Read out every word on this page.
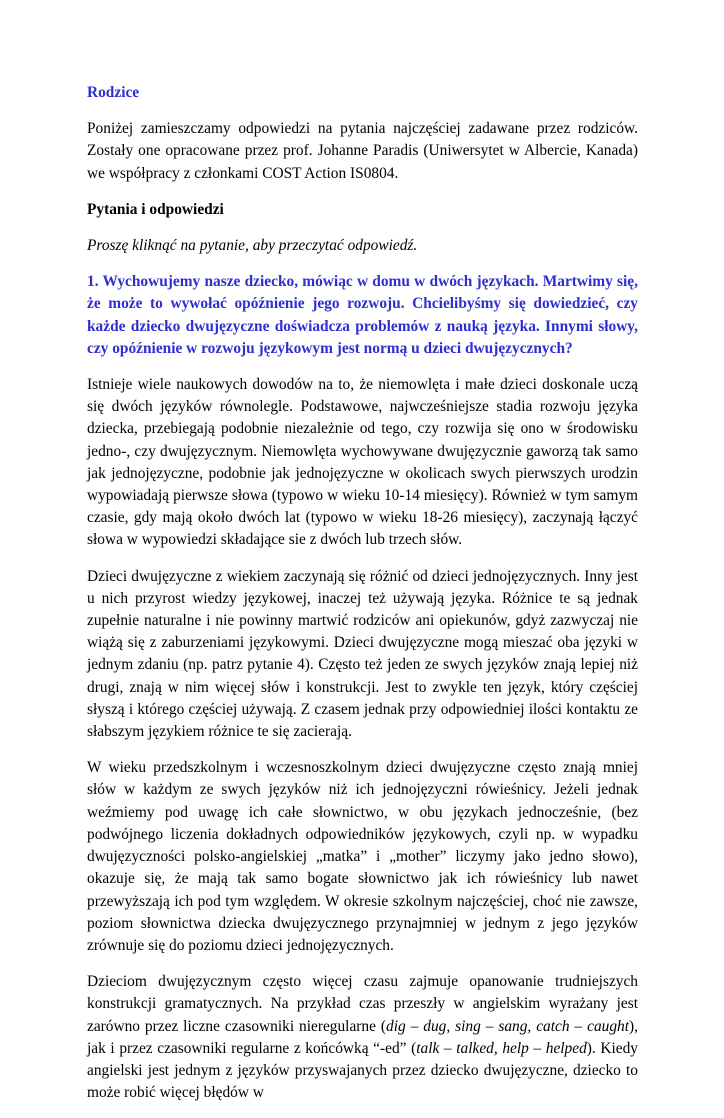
Rodzice

Poniżej zamieszczamy odpowiedzi na pytania najczęściej zadawane przez rodziców. Zostały one opracowane przez prof. Johanne Paradis (Uniwersytet w Albercie, Kanada) we współpracy z członkami COST Action IS0804.

Pytania i odpowiedzi

Proszę kliknąć na pytanie, aby przeczytać odpowiedź.

1. Wychowujemy nasze dziecko, mówiąc w domu w dwóch językach. Martwimy się, że może to wywołać opóźnienie jego rozwoju. Chcielibyśmy się dowiedzieć, czy każde dziecko dwujęzyczne doświadcza problemów z nauką języka. Innymi słowy, czy opóźnienie w rozwoju językowym jest normą u dzieci dwujęzycznych?

Istnieje wiele naukowych dowodów na to, że niemowlęta i małe dzieci doskonale uczą się dwóch języków równolegle. Podstawowe, najwcześniejsze stadia rozwoju języka dziecka, przebiegają podobnie niezależnie od tego, czy rozwija się ono w środowisku jedno-, czy dwujęzycznym. Niemowlęta wychowywane dwujęzycznie gaworzą tak samo jak jednojęzyczne, podobnie jak jednojęzyczne w okolicach swych pierwszych urodzin wypowiadają pierwsze słowa (typowo w wieku 10-14 miesięcy). Również w tym samym czasie, gdy mają około dwóch lat (typowo w wieku 18-26 miesięcy), zaczynają łączyć słowa w wypowiedzi składające sie z dwóch lub trzech słów.

Dzieci dwujęzyczne z wiekiem zaczynają się różnić od dzieci jednojęzycznych. Inny jest u nich przyrost wiedzy językowej, inaczej też używają języka. Różnice te są jednak zupełnie naturalne i nie powinny martwić rodziców ani opiekunów, gdyż zazwyczaj nie wiążą się z zaburzeniami językowymi. Dzieci dwujęzyczne mogą mieszać oba języki w jednym zdaniu (np. patrz pytanie 4). Często też jeden ze swych języków znają lepiej niż drugi, znają w nim więcej słów i konstrukcji. Jest to zwykle ten język, który częściej słyszą i którego częściej używają. Z czasem jednak przy odpowiedniej ilości kontaktu ze słabszym językiem różnice te się zacierają.

W wieku przedszkolnym i wczesnoszkolnym dzieci dwujęzyczne często znają mniej słów w każdym ze swych języków niż ich jednojęzyczni rówieśnicy. Jeżeli jednak weźmiemy pod uwagę ich całe słownictwo, w obu językach jednocześnie, (bez podwójnego liczenia dokładnych odpowiedników językowych, czyli np. w wypadku dwujęzyczności polsko-angielskiej „matka” i „mother” liczymy jako jedno słowo), okazuje się, że mają tak samo bogate słownictwo jak ich rówieśnicy lub nawet przewyższają ich pod tym względem. W okresie szkolnym najczęściej, choć nie zawsze, poziom słownictwa dziecka dwujęzycznego przynajmniej w jednym z jego języków zrównuje się do poziomu dzieci jednojęzycznych.

Dzieciom dwujęzycznym często więcej czasu zajmuje opanowanie trudniejszych konstrukcji gramatycznych. Na przykład czas przeszły w angielskim wyrażany jest zarówno przez liczne czasowniki nieregularne (dig – dug, sing – sang, catch – caught), jak i przez czasowniki regularne z końcówką “-ed” (talk – talked, help – helped). Kiedy angielski jest jednym z języków przyswajanych przez dziecko dwujęzyczne, dziecko to może robić więcej błędów w
